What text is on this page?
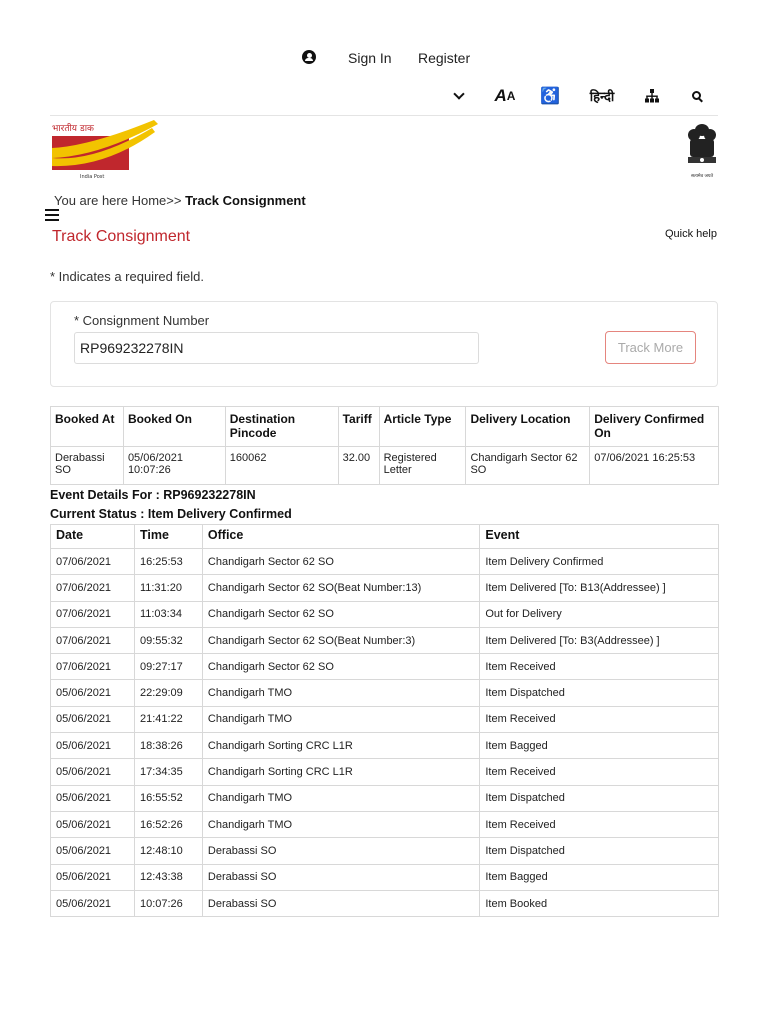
Sign In Register
A A ♿ हिन्दी
भारतीय डाक
India Post	सत्यमेव जयते
You are here Home>> Track Consignment
Track Consignment	Quick help
* Indicates a required field.
* Consignment Number
RP969232278IN
Track More
Booked At	Booked On	Destination Pincode	Tariff	Article Type	Delivery Location	Delivery Confirmed On
Derabassi SO	05/06/2021 10:07:26	160062	32.00	Registered Letter	Chandigarh Sector 62 SO	07/06/2021 16:25:53
Event Details For : RP969232278IN
Current Status : Item Delivery Confirmed
Date	Time	Office	Event
07/06/2021	16:25:53	Chandigarh Sector 62 SO	Item Delivery Confirmed
07/06/2021	11:31:20	Chandigarh Sector 62 SO(Beat Number:13)	Item Delivered [To: B13(Addressee) ]
07/06/2021	11:03:34	Chandigarh Sector 62 SO	Out for Delivery
07/06/2021	09:55:32	Chandigarh Sector 62 SO(Beat Number:3)	Item Delivered [To: B3(Addressee) ]
07/06/2021	09:27:17	Chandigarh Sector 62 SO	Item Received
05/06/2021	22:29:09	Chandigarh TMO	Item Dispatched
05/06/2021	21:41:22	Chandigarh TMO	Item Received
05/06/2021	18:38:26	Chandigarh Sorting CRC L1R	Item Bagged
05/06/2021	17:34:35	Chandigarh Sorting CRC L1R	Item Received
05/06/2021	16:55:52	Chandigarh TMO	Item Dispatched
05/06/2021	16:52:26	Chandigarh TMO	Item Received
05/06/2021	12:48:10	Derabassi SO	Item Dispatched
05/06/2021	12:43:38	Derabassi SO	Item Bagged
05/06/2021	10:07:26	Derabassi SO	Item Booked
